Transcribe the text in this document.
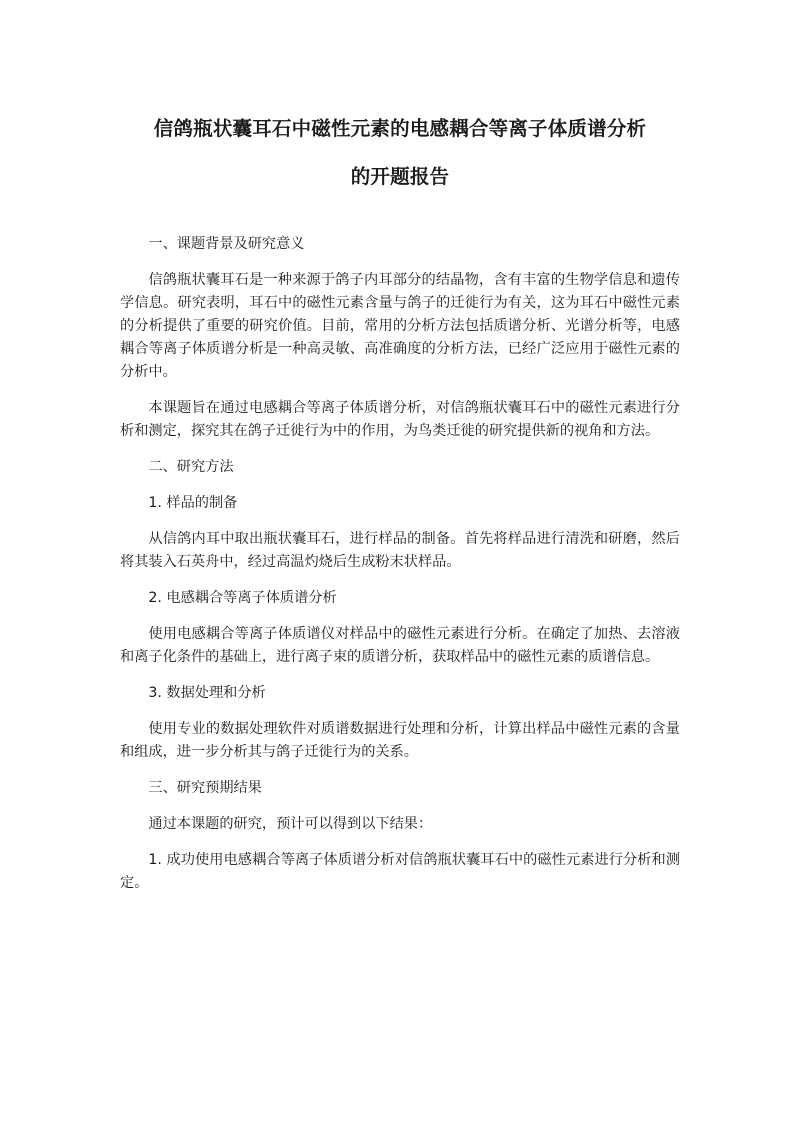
信鸽瓶状囊耳石中磁性元素的电感耦合等离子体质谱分析
的开题报告

一、课题背景及研究意义

信鸽瓶状囊耳石是一种来源于鸽子内耳部分的结晶物，含有丰富的生物学信息和遗传学信息。研究表明，耳石中的磁性元素含量与鸽子的迁徙行为有关，这为耳石中磁性元素的分析提供了重要的研究价值。目前，常用的分析方法包括质谱分析、光谱分析等，电感耦合等离子体质谱分析是一种高灵敏、高准确度的分析方法，已经广泛应用于磁性元素的分析中。

本课题旨在通过电感耦合等离子体质谱分析，对信鸽瓶状囊耳石中的磁性元素进行分析和测定，探究其在鸽子迁徙行为中的作用，为鸟类迁徙的研究提供新的视角和方法。

二、研究方法

1. 样品的制备

从信鸽内耳中取出瓶状囊耳石，进行样品的制备。首先将样品进行清洗和研磨，然后将其装入石英舟中，经过高温灼烧后生成粉末状样品。

2. 电感耦合等离子体质谱分析

使用电感耦合等离子体质谱仪对样品中的磁性元素进行分析。在确定了加热、去溶液和离子化条件的基础上，进行离子束的质谱分析，获取样品中的磁性元素的质谱信息。

3. 数据处理和分析

使用专业的数据处理软件对质谱数据进行处理和分析，计算出样品中磁性元素的含量和组成，进一步分析其与鸽子迁徙行为的关系。

三、研究预期结果

通过本课题的研究，预计可以得到以下结果：

1. 成功使用电感耦合等离子体质谱分析对信鸽瓶状囊耳石中的磁性元素进行分析和测定。
